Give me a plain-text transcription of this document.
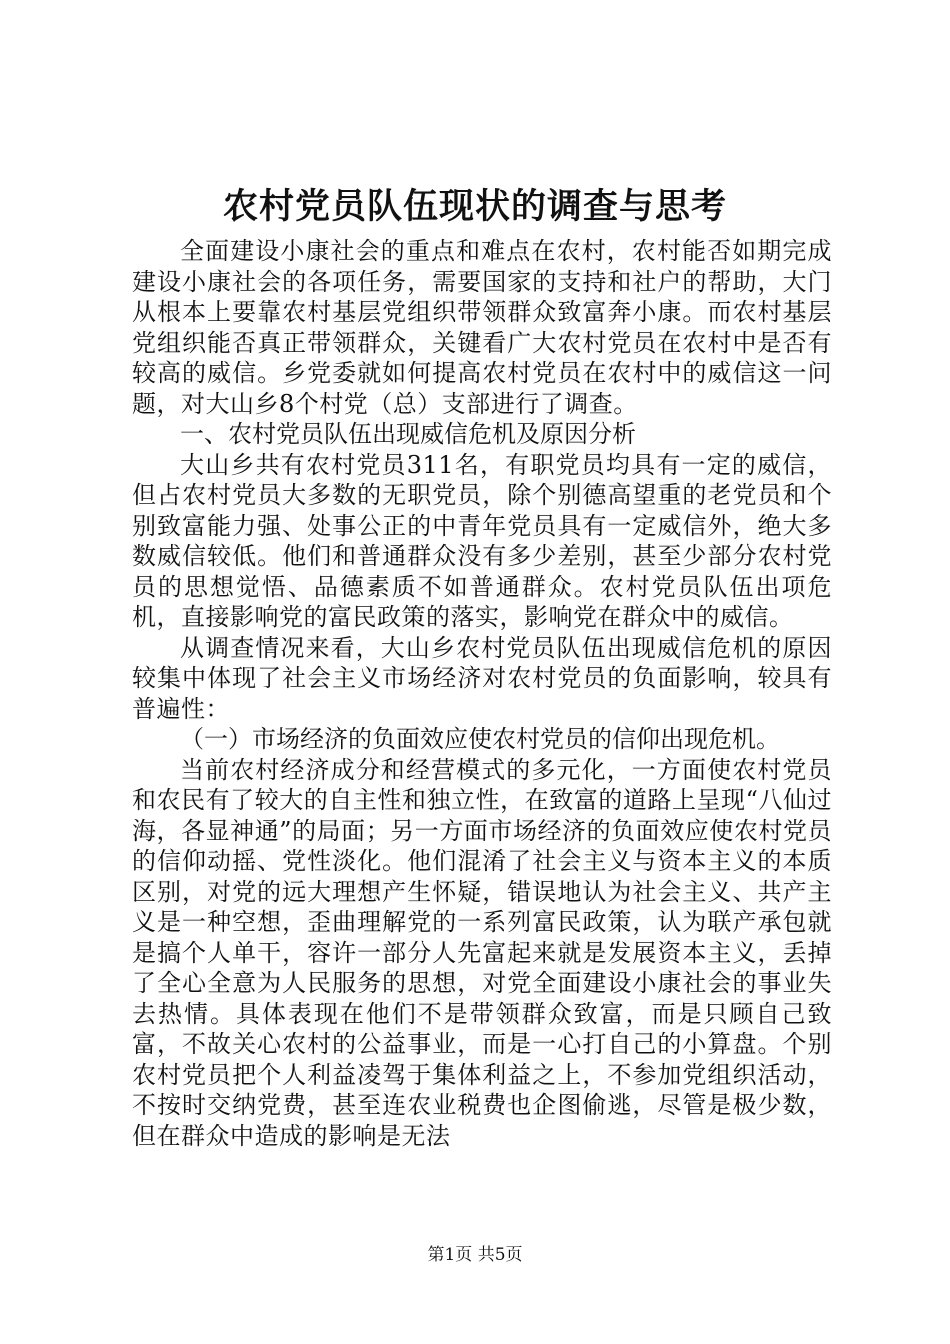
农村党员队伍现状的调查与思考

全面建设小康社会的重点和难点在农村，农村能否如期完成建设小康社会的各项任务，需要国家的支持和社户的帮助，大门从根本上要靠农村基层党组织带领群众致富奔小康。而农村基层党组织能否真正带领群众，关键看广大农村党员在农村中是否有较高的威信。乡党委就如何提高农村党员在农村中的威信这一问题，对大山乡8个村党（总）支部进行了调查。

一、农村党员队伍出现威信危机及原因分析

大山乡共有农村党员311名，有职党员均具有一定的威信，但占农村党员大多数的无职党员，除个别德高望重的老党员和个别致富能力强、处事公正的中青年党员具有一定威信外，绝大多数威信较低。他们和普通群众没有多少差别，甚至少部分农村党员的思想觉悟、品德素质不如普通群众。农村党员队伍出项危机，直接影响党的富民政策的落实，影响党在群众中的威信。

从调查情况来看，大山乡农村党员队伍出现威信危机的原因较集中体现了社会主义市场经济对农村党员的负面影响，较具有普遍性：

（一）市场经济的负面效应使农村党员的信仰出现危机。

当前农村经济成分和经营模式的多元化，一方面使农村党员和农民有了较大的自主性和独立性，在致富的道路上呈现“八仙过海，各显神通”的局面；另一方面市场经济的负面效应使农村党员的信仰动摇、党性淡化。他们混淆了社会主义与资本主义的本质区别，对党的远大理想产生怀疑，错误地认为社会主义、共产主义是一种空想，歪曲理解党的一系列富民政策，认为联产承包就是搞个人单干，容许一部分人先富起来就是发展资本主义，丢掉了全心全意为人民服务的思想，对党全面建设小康社会的事业失去热情。具体表现在他们不是带领群众致富，而是只顾自己致富，不故关心农村的公益事业，而是一心打自己的小算盘。个别农村党员把个人利益凌驾于集体利益之上，不参加党组织活动，不按时交纳党费，甚至连农业税费也企图偷逃，尽管是极少数，但在群众中造成的影响是无法

第1页 共5页
